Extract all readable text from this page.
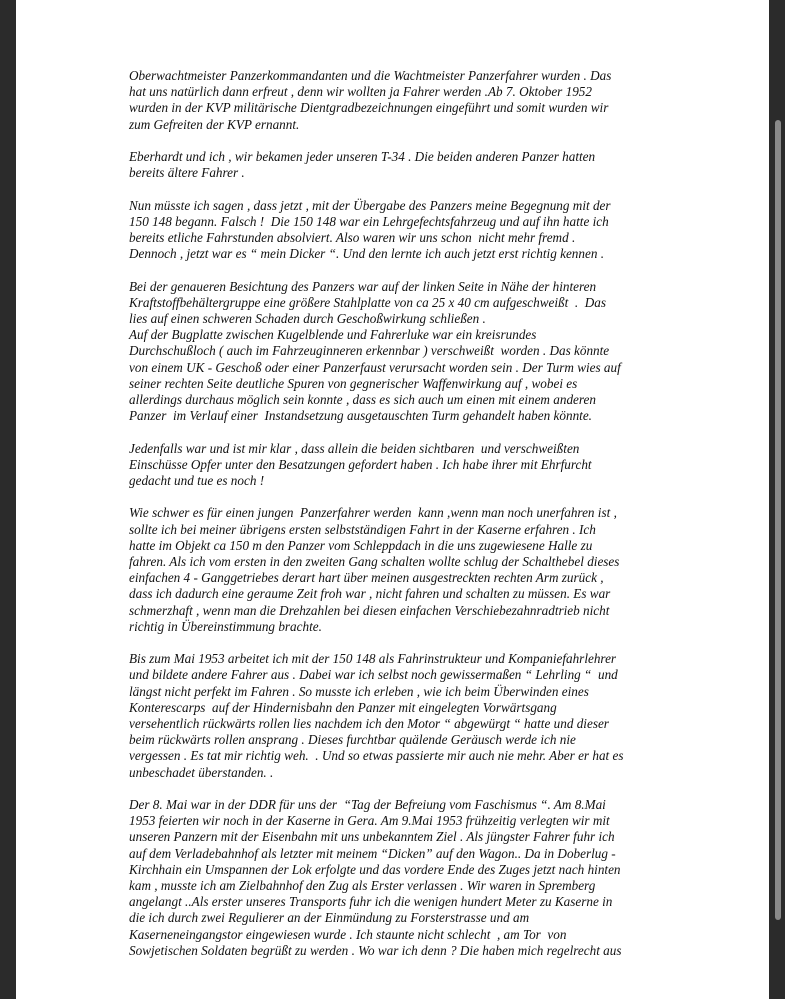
Oberwachtmeister Panzerkommandanten und die Wachtmeister Panzerfahrer wurden . Das
hat uns natürlich dann erfreut , denn wir wollten ja Fahrer werden .Ab 7. Oktober 1952
wurden in der KVP militärische Dientgradbezeichnungen eingeführt und somit wurden wir
zum Gefreiten der KVP ernannt.
Eberhardt und ich , wir bekamen jeder unseren T-34 . Die beiden anderen Panzer hatten
bereits ältere Fahrer .
Nun müsste ich sagen , dass jetzt , mit der Übergabe des Panzers meine Begegnung mit der
150 148 begann. Falsch !  Die 150 148 war ein Lehrgefechtsfahrzeug und auf ihn hatte ich
bereits etliche Fahrstunden absolviert. Also waren wir uns schon  nicht mehr fremd .
Dennoch , jetzt war es “ mein Dicker “. Und den lernte ich auch jetzt erst richtig kennen .
Bei der genaueren Besichtung des Panzers war auf der linken Seite in Nähe der hinteren
Kraftstoffbehältergruppe eine größere Stahlplatte von ca 25 x 40 cm aufgeschweißt  .  Das
lies auf einen schweren Schaden durch Geschoßwirkung schließen .
Auf der Bugplatte zwischen Kugelblende und Fahrerluke war ein kreisrundes
Durchschußloch ( auch im Fahrzeuginneren erkennbar ) verschweißt  worden . Das könnte
von einem UK - Geschoß oder einer Panzerfaust verursacht worden sein . Der Turm wies auf
seiner rechten Seite deutliche Spuren von gegnerischer Waffenwirkung auf , wobei es
allerdings durchaus möglich sein konnte , dass es sich auch um einen mit einem anderen
Panzer  im Verlauf einer  Instandsetzung ausgetauschten Turm gehandelt haben könnte.
Jedenfalls war und ist mir klar , dass allein die beiden sichtbaren  und verschweißten
Einschüsse Opfer unter den Besatzungen gefordert haben . Ich habe ihrer mit Ehrfurcht
gedacht und tue es noch !
Wie schwer es für einen jungen  Panzerfahrer werden  kann ,wenn man noch unerfahren ist ,
sollte ich bei meiner übrigens ersten selbstständigen Fahrt in der Kaserne erfahren . Ich
hatte im Objekt ca 150 m den Panzer vom Schleppdach in die uns zugewiesene Halle zu
fahren. Als ich vom ersten in den zweiten Gang schalten wollte schlug der Schalthebel dieses
einfachen 4 - Ganggetriebes derart hart über meinen ausgestreckten rechten Arm zurück ,
dass ich dadurch eine geraume Zeit froh war , nicht fahren und schalten zu müssen. Es war
schmerzhaft , wenn man die Drehzahlen bei diesen einfachen Verschiebezahnradtrieb nicht
richtig in Übereinstimmung brachte.
Bis zum Mai 1953 arbeitet ich mit der 150 148 als Fahrinstrukteur und Kompaniefahrlehrer
und bildete andere Fahrer aus . Dabei war ich selbst noch gewissermaßen “ Lehrling “  und
längst nicht perfekt im Fahren . So musste ich erleben , wie ich beim Überwinden eines
Konterescarps  auf der Hindernisbahn den Panzer mit eingelegten Vorwärtsgang
versehentlich rückwärts rollen lies nachdem ich den Motor “ abgewürgt “ hatte und dieser
beim rückwärts rollen ansprang . Dieses furchtbar quälende Geräusch werde ich nie
vergessen . Es tat mir richtig weh.  . Und so etwas passierte mir auch nie mehr. Aber er hat es
unbeschadet überstanden. .
Der 8. Mai war in der DDR für uns der  “Tag der Befreiung vom Faschismus “. Am 8.Mai
1953 feierten wir noch in der Kaserne in Gera. Am 9.Mai 1953 frühzeitig verlegten wir mit
unseren Panzern mit der Eisenbahn mit uns unbekanntem Ziel . Als jüngster Fahrer fuhr ich
auf dem Verladebahnhof als letzter mit meinem “Dicken” auf den Wagon.. Da in Doberlug -
Kirchhain ein Umspannen der Lok erfolgte und das vordere Ende des Zuges jetzt nach hinten
kam , musste ich am Zielbahnhof den Zug als Erster verlassen . Wir waren in Spremberg
angelangt ..Als erster unseres Transports fuhr ich die wenigen hundert Meter zu Kaserne in
die ich durch zwei Regulierer an der Einmündung zu Forsterstrasse und am
Kaserneneingangstor eingewiesen wurde . Ich staunte nicht schlecht  , am Tor  von
Sowjetischen Soldaten begrüßt zu werden . Wo war ich denn ? Die haben mich regelrecht aus
